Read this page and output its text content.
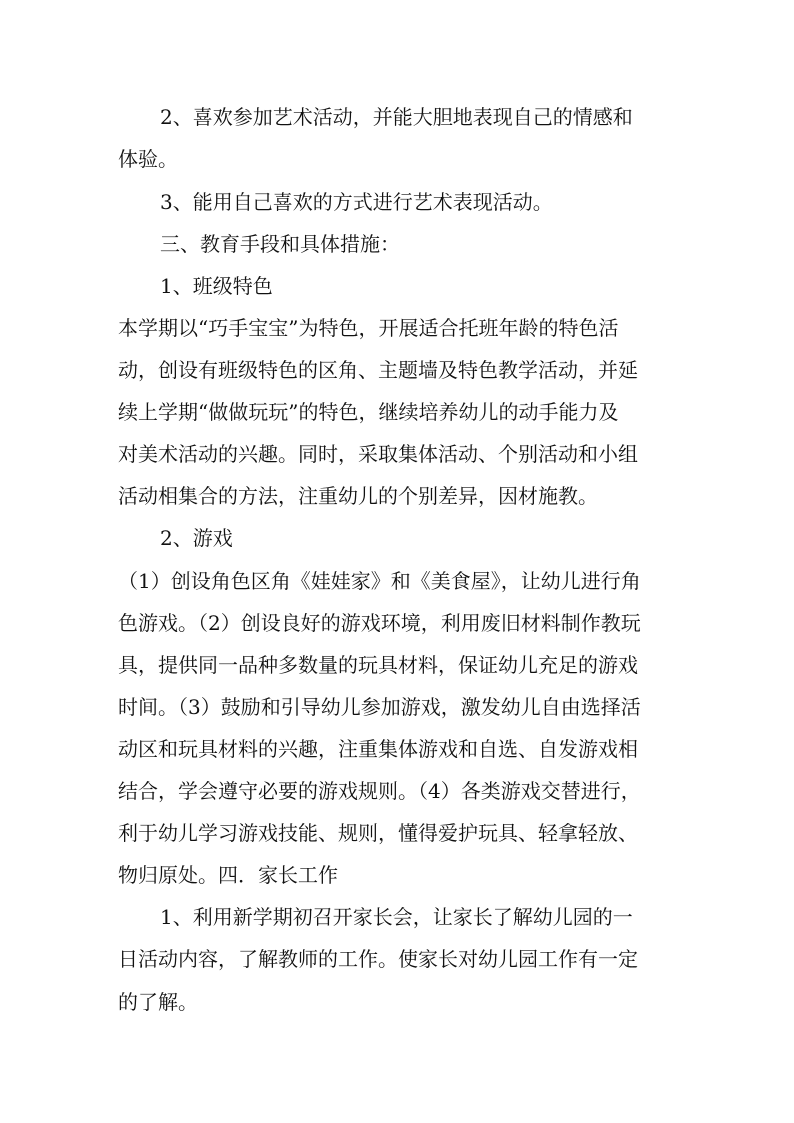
2、喜欢参加艺术活动，并能大胆地表现自己的情感和
体验。
3、能用自己喜欢的方式进行艺术表现活动。
三、教育手段和具体措施：
1、班级特色
本学期以“巧手宝宝”为特色，开展适合托班年龄的特色活
动，创设有班级特色的区角、主题墙及特色教学活动，并延
续上学期“做做玩玩”的特色，继续培养幼儿的动手能力及
对美术活动的兴趣。同时，采取集体活动、个别活动和小组
活动相集合的方法，注重幼儿的个别差异，因材施教。
2、游戏
（1）创设角色区角《娃娃家》和《美食屋》，让幼儿进行角
色游戏。（2）创设良好的游戏环境，利用废旧材料制作教玩
具，提供同一品种多数量的玩具材料，保证幼儿充足的游戏
时间。（3）鼓励和引导幼儿参加游戏，激发幼儿自由选择活
动区和玩具材料的兴趣，注重集体游戏和自选、自发游戏相
结合，学会遵守必要的游戏规则。（4）各类游戏交替进行，
利于幼儿学习游戏技能、规则，懂得爱护玩具、轻拿轻放、
物归原处。四．家长工作
1、利用新学期初召开家长会，让家长了解幼儿园的一
日活动内容，了解教师的工作。使家长对幼儿园工作有一定
的了解。
